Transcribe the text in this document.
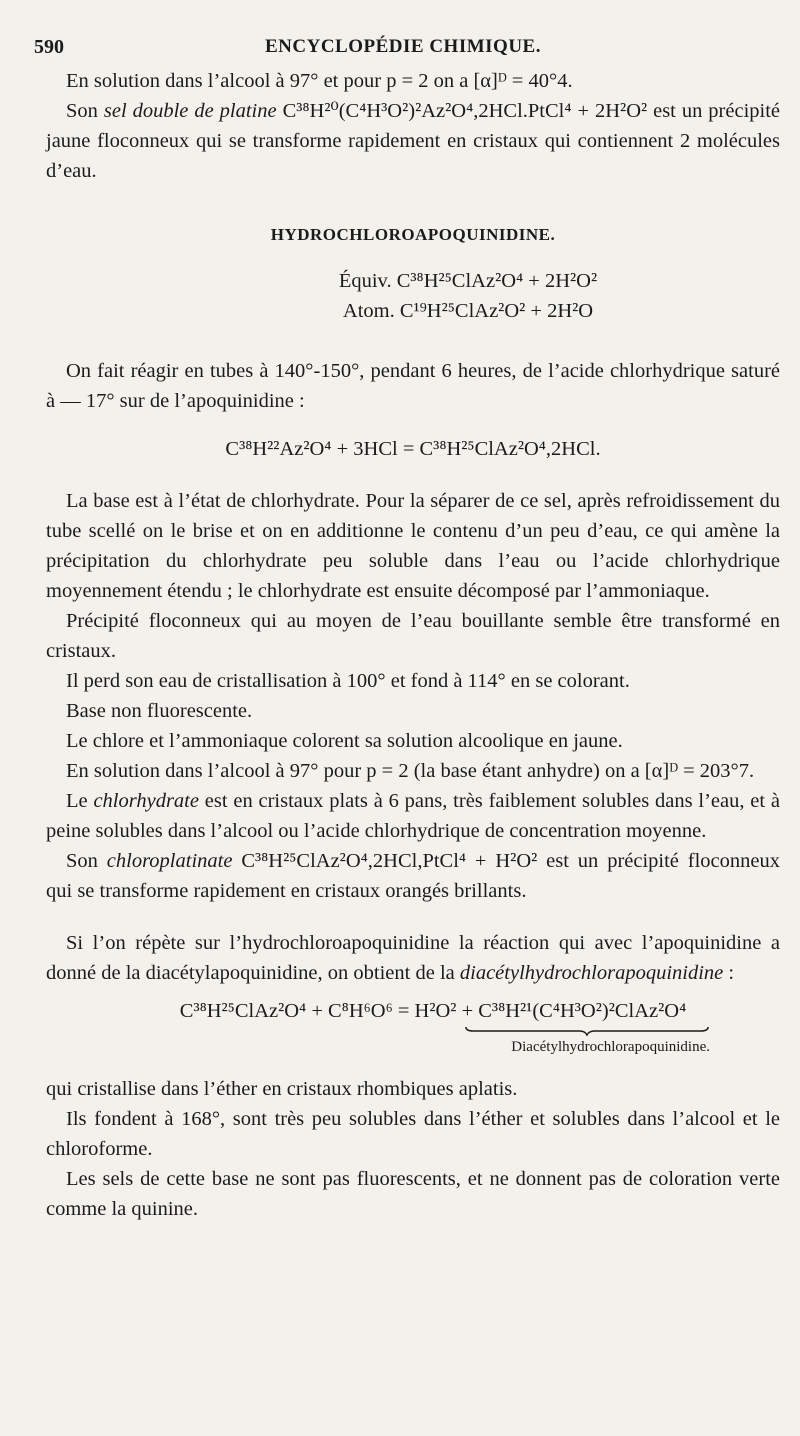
590	ENCYCLOPÉDIE CHIMIQUE.

En solution dans l’alcool à 97° et pour p = 2 on a [α]ᴰ = 40°4.

Son sel double de platine C³⁸H²⁰(C⁴H³O²)²Az²O⁴,2HCl.PtCl⁴ + 2H²O² est un précipité jaune floconneux qui se transforme rapidement en cristaux qui contiennent 2 molécules d’eau.

HYDROCHLOROAPOQUINIDINE.
Équiv. C³⁸H²⁵ClAz²O⁴ + 2H²O²
Atom. C¹⁹H²⁵ClAz²O² + 2H²O

On fait réagir en tubes à 140°-150°, pendant 6 heures, de l’acide chlorhydrique saturé à — 17° sur de l’apoquinidine :

C³⁸H²²Az²O⁴ + 3HCl = C³⁸H²⁵ClAz²O⁴,2HCl.

La base est à l’état de chlorhydrate. Pour la séparer de ce sel, après refroidissement du tube scellé on le brise et on en additionne le contenu d’un peu d’eau, ce qui amène la précipitation du chlorhydrate peu soluble dans l’eau ou l’acide chlorhydrique moyennement étendu ; le chlorhydrate est ensuite décomposé par l’ammoniaque.

Précipité floconneux qui au moyen de l’eau bouillante semble être transformé en cristaux.

Il perd son eau de cristallisation à 100° et fond à 114° en se colorant.

Base non fluorescente.

Le chlore et l’ammoniaque colorent sa solution alcoolique en jaune.

En solution dans l’alcool à 97° pour p = 2 (la base étant anhydre) on a [α]ᴰ = 203°7.

Le chlorhydrate est en cristaux plats à 6 pans, très faiblement solubles dans l’eau, et à peine solubles dans l’alcool ou l’acide chlorhydrique de concentration moyenne.

Son chloroplatinate C³⁸H²⁵ClAz²O⁴,2HCl,PtCl⁴ + H²O² est un précipité floconneux qui se transforme rapidement en cristaux orangés brillants.

Si l’on répète sur l’hydrochloroapoquinidine la réaction qui avec l’apoquinidine a donné de la diacétylapoquinidine, on obtient de la diacétylhydrochlorapoquinidine :

C³⁸H²⁵ClAz²O⁴ + C⁸H⁶O⁶ = H²O² + C³⁸H²¹(C⁴H³O²)²ClAz²O⁴
Diacétylhydrochlorapoquinidine.

qui cristallise dans l’éther en cristaux rhombiques aplatis.

Ils fondent à 168°, sont très peu solubles dans l’éther et solubles dans l’alcool et le chloroforme.

Les sels de cette base ne sont pas fluorescents, et ne donnent pas de coloration verte comme la quinine.
